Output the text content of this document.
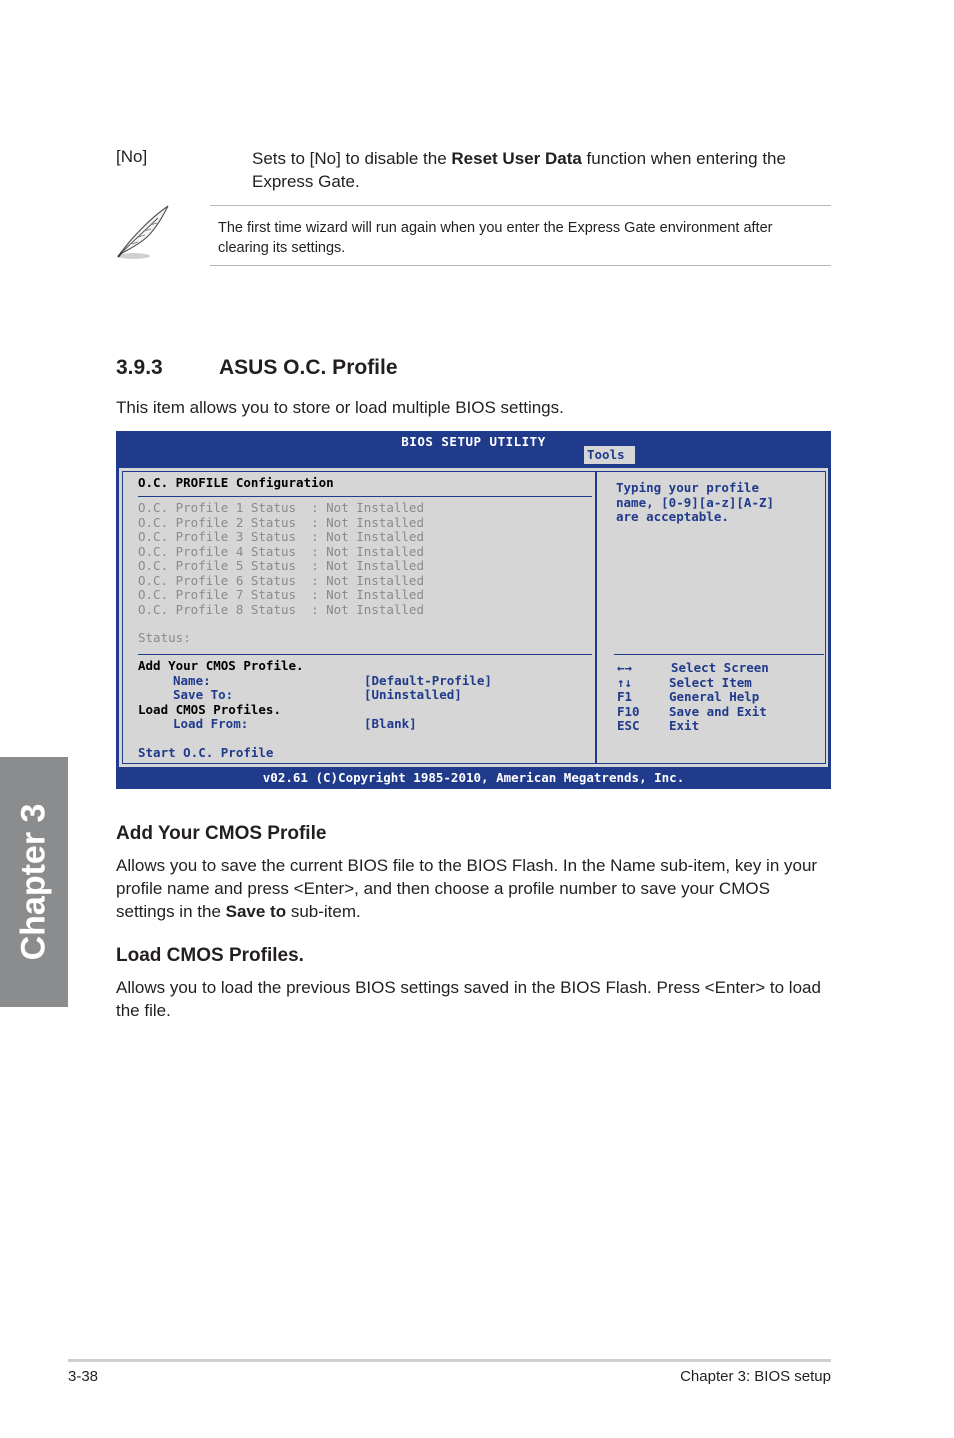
[No]	Sets to [No] to disable the Reset User Data function when entering the Express Gate.
The first time wizard will run again when you enter the Express Gate environment after clearing its settings.
3.9.3	ASUS O.C. Profile
This item allows you to store or load multiple BIOS settings.
BIOS SETUP UTILITY
Tools
O.C. PROFILE Configuration
O.C. Profile 1 Status  : Not Installed
O.C. Profile 2 Status  : Not Installed
O.C. Profile 3 Status  : Not Installed
O.C. Profile 4 Status  : Not Installed
O.C. Profile 5 Status  : Not Installed
O.C. Profile 6 Status  : Not Installed
O.C. Profile 7 Status  : Not Installed
O.C. Profile 8 Status  : Not Installed
Status:
Add Your CMOS Profile.
Name:	[Default-Profile]
Save To:	[Uninstalled]
Load CMOS Profiles.
Load From:	[Blank]
Start O.C. Profile
Typing your profile
name, [0-9][a-z][A-Z]
are acceptable.
←→	Select Screen
↑↓	Select Item
F1	General Help
F10 Save and Exit
ESC Exit
v02.61 (C)Copyright 1985-2010, American Megatrends, Inc.
Add Your CMOS Profile
Allows you to save the current BIOS file to the BIOS Flash. In the Name sub-item, key in your profile name and press <Enter>, and then choose a profile number to save your CMOS settings in the Save to sub-item.
Load CMOS Profiles.
Allows you to load the previous BIOS settings saved in the BIOS Flash. Press <Enter> to load the file.
Chapter 3
3-38	Chapter 3: BIOS setup
